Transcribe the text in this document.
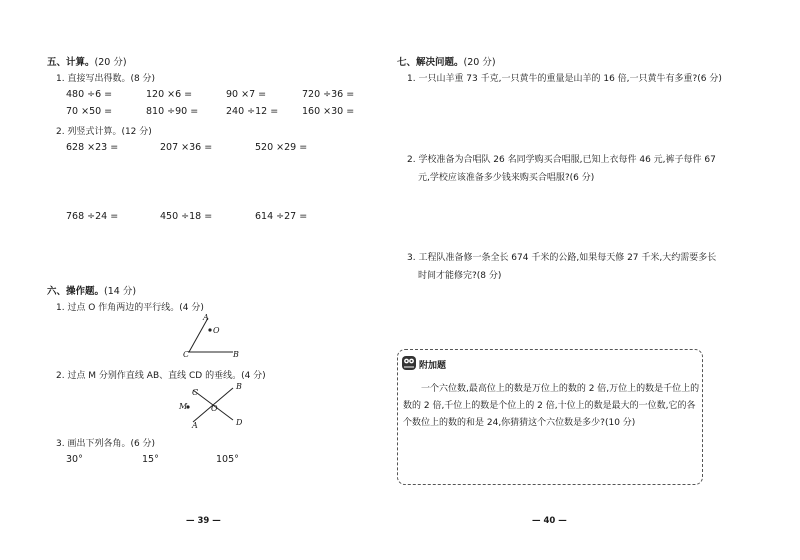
五、计算。(20 分)
1. 直接写出得数。(8 分)
480 ÷6 =	120 ×6 =	90 ×7 =	720 ÷36 =
70 ×50 =	810 ÷90 =	240 ÷12 =	160 ×30 =
2. 列竖式计算。(12 分)
628 ×23 =	207 ×36 =	520 ×29 =
768 ÷24 =	450 ÷18 =	614 ÷27 =
六、操作题。(14 分)
1. 过点 O 作角两边的平行线。(4 分)
A
O
C	B
2. 过点 M 分别作直线 AB、直线 CD 的垂线。(4 分)
B
C
M	O
A	D
3. 画出下列各角。(6 分)
30°	15°	105°
— 39 —
七、解决问题。(20 分)
1. 一只山羊重 73 千克,一只黄牛的重量是山羊的 16 倍,一只黄牛有多重?(6 分)
2. 学校准备为合唱队 26 名同学购买合唱服,已知上衣每件 46 元,裤子每件 67
元,学校应该准备多少钱来购买合唱服?(6 分)
3. 工程队准备修一条全长 674 千米的公路,如果每天修 27 千米,大约需要多长
时间才能修完?(8 分)
附加题
一个六位数,最高位上的数是万位上的数的 2 倍,万位上的数是千位上的数的 2 倍,千位上的数是个位上的 2 倍,十位上的数是最大的一位数,它的各个数位上的数的和是 24,你猜猜这个六位数是多少?(10 分)
— 40 —
